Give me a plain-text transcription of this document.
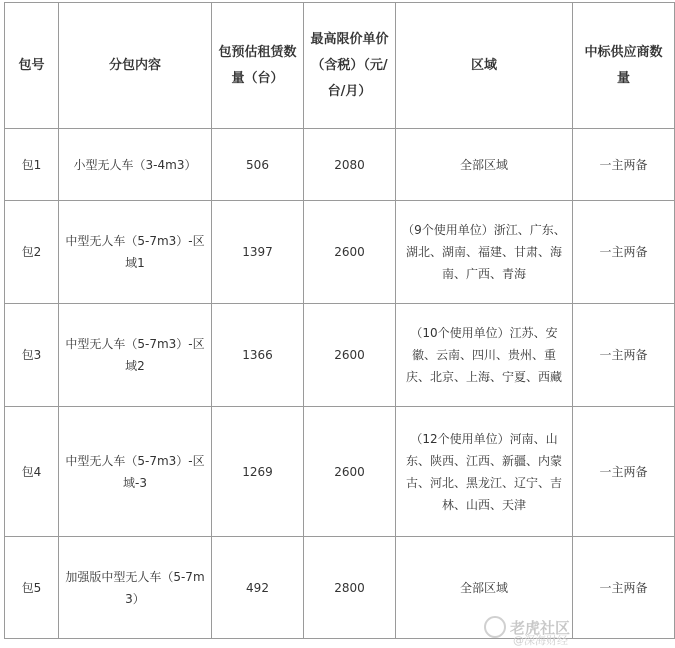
包号	分包内容	包预估租赁数量（台）	最高限价单价（含税）（元/台/月）	区域	中标供应商数量
包1	小型无人车（3-4m3）	506	2080	全部区域	一主两备
包2	中型无人车（5-7m3）-区域1	1397	2600	（9个使用单位）浙江、广东、湖北、湖南、福建、甘肃、海南、广西、青海	一主两备
包3	中型无人车（5-7m3）-区域2	1366	2600	（10个使用单位）江苏、安徽、云南、四川、贵州、重庆、北京、上海、宁夏、西藏	一主两备
包4	中型无人车（5-7m3）-区域-3	1269	2600	（12个使用单位）河南、山东、陕西、江西、新疆、内蒙古、河北、黑龙江、辽宁、吉林、山西、天津	一主两备
包5	加强版中型无人车（5-7m3）	492	2800	全部区域	一主两备
老虎社区
@深海财经
